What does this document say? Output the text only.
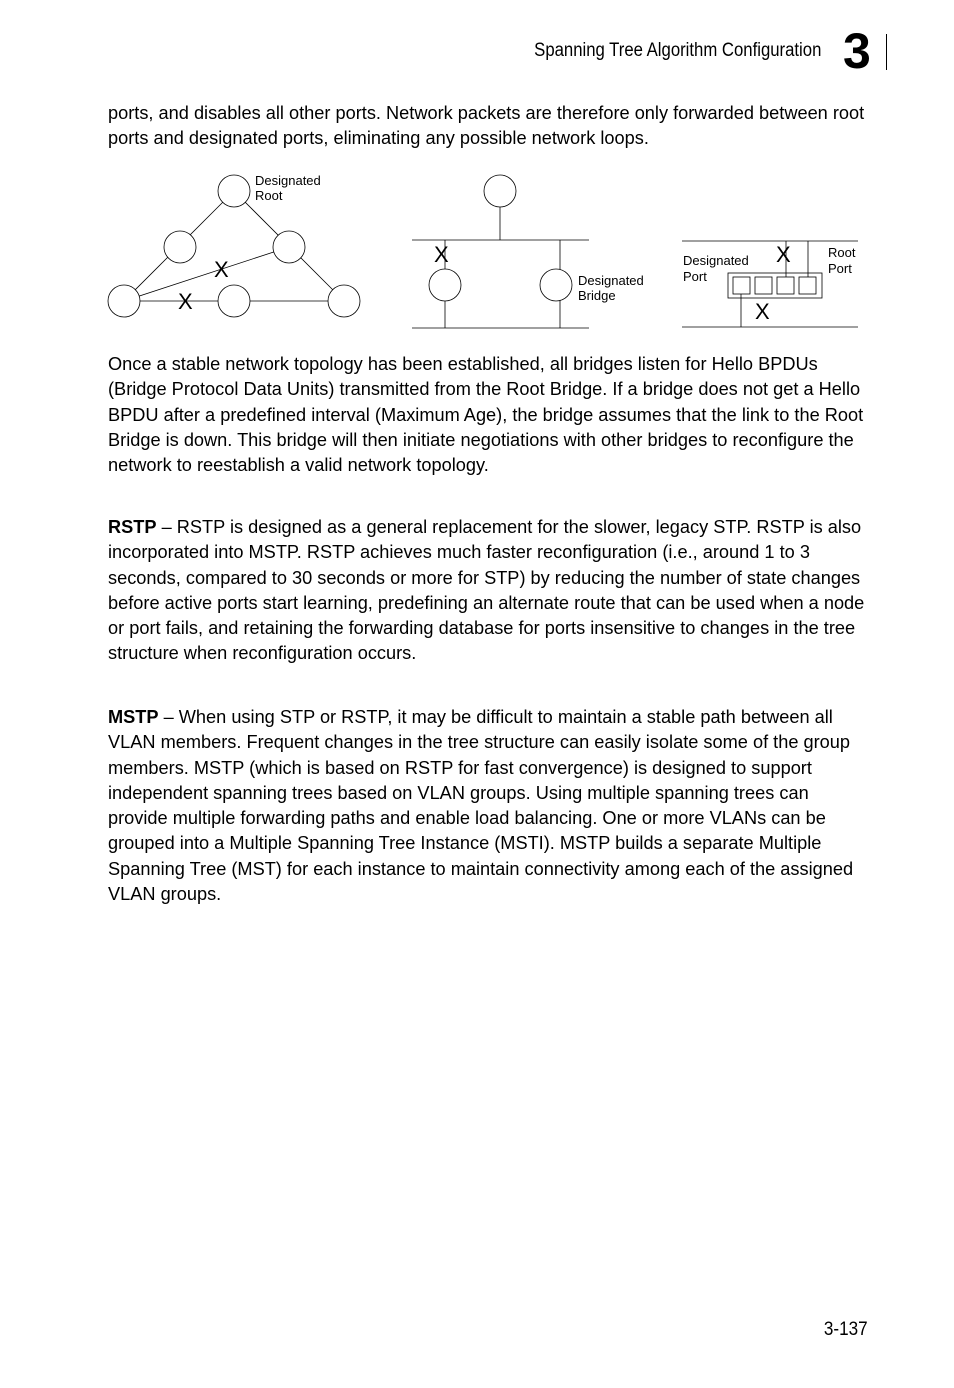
Spanning Tree Algorithm Configuration 3

ports, and disables all other ports. Network packets are therefore only forwarded between root ports and designated ports, eliminating any possible network loops.

Designated
Root
X
X
X
Designated
Bridge
Designated
Port
Root
Port
X
X

Once a stable network topology has been established, all bridges listen for Hello BPDUs (Bridge Protocol Data Units) transmitted from the Root Bridge. If a bridge does not get a Hello BPDU after a predefined interval (Maximum Age), the bridge assumes that the link to the Root Bridge is down. This bridge will then initiate negotiations with other bridges to reconfigure the network to reestablish a valid network topology.

RSTP – RSTP is designed as a general replacement for the slower, legacy STP. RSTP is also incorporated into MSTP. RSTP achieves much faster reconfiguration (i.e., around 1 to 3 seconds, compared to 30 seconds or more for STP) by reducing the number of state changes before active ports start learning, predefining an alternate route that can be used when a node or port fails, and retaining the forwarding database for ports insensitive to changes in the tree structure when reconfiguration occurs.

MSTP – When using STP or RSTP, it may be difficult to maintain a stable path between all VLAN members. Frequent changes in the tree structure can easily isolate some of the group members. MSTP (which is based on RSTP for fast convergence) is designed to support independent spanning trees based on VLAN groups. Using multiple spanning trees can provide multiple forwarding paths and enable load balancing. One or more VLANs can be grouped into a Multiple Spanning Tree Instance (MSTI). MSTP builds a separate Multiple Spanning Tree (MST) for each instance to maintain connectivity among each of the assigned VLAN groups.

3-137
